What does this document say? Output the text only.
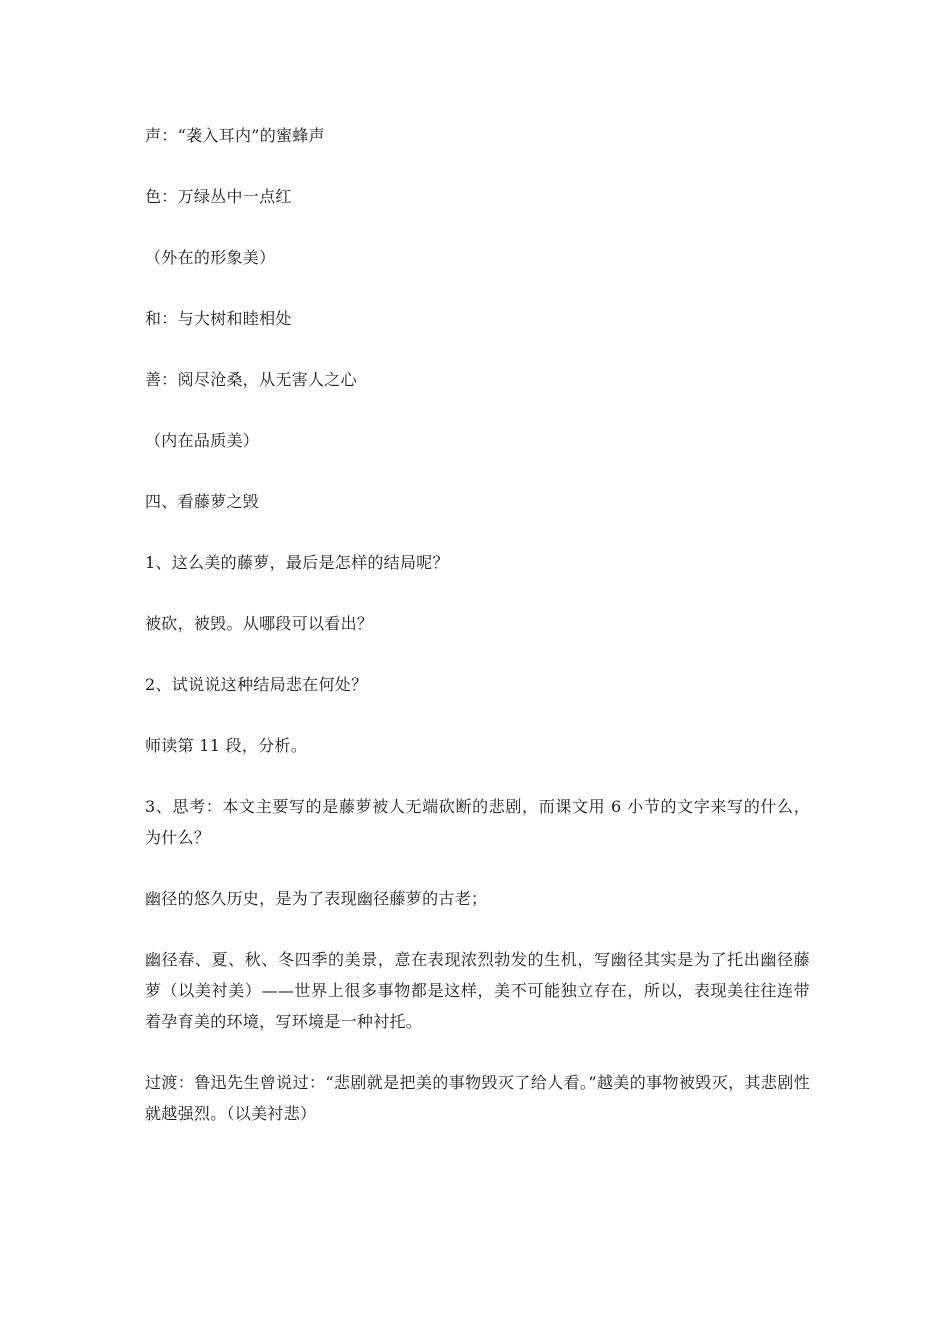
声：“袭入耳内”的蜜蜂声

色：万绿丛中一点红

（外在的形象美）

和：与大树和睦相处

善：阅尽沧桑，从无害人之心

（内在品质美）

四、看藤萝之毁

1、这么美的藤萝，最后是怎样的结局呢？

被砍，被毁。从哪段可以看出？

2、试说说这种结局悲在何处？

师读第 11 段，分析。

3、思考：本文主要写的是藤萝被人无端砍断的悲剧，而课文用 6 小节的文字来写的什么，为什么？

幽径的悠久历史，是为了表现幽径藤萝的古老；

幽径春、夏、秋、冬四季的美景，意在表现浓烈勃发的生机，写幽径其实是为了托出幽径藤萝（以美衬美）——世界上很多事物都是这样，美不可能独立存在，所以，表现美往往连带着孕育美的环境，写环境是一种衬托。

过渡：鲁迅先生曾说过：“悲剧就是把美的事物毁灭了给人看。”越美的事物被毁灭，其悲剧性就越强烈。（以美衬悲）
